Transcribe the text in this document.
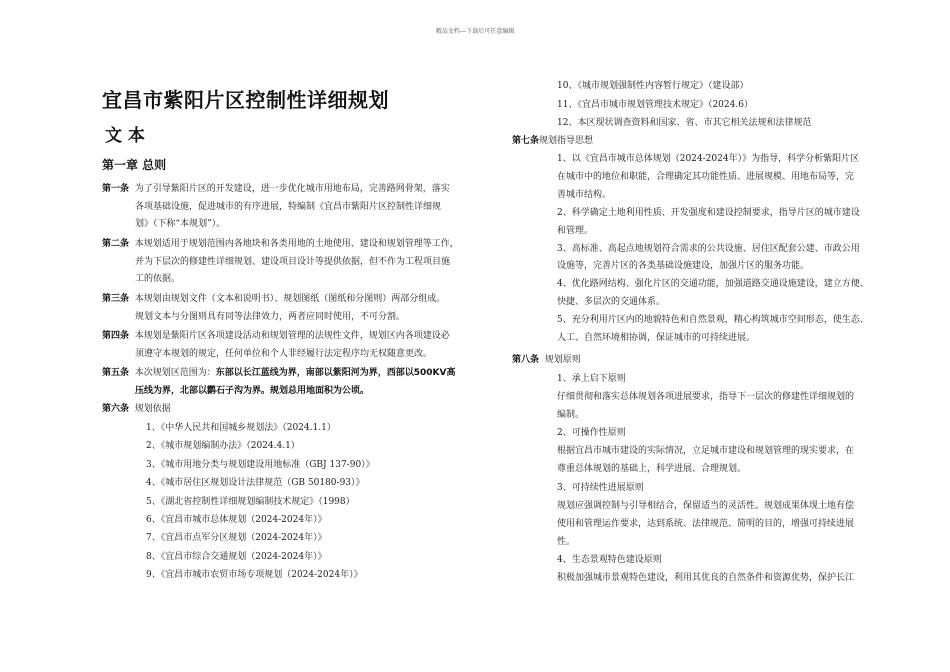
精品文档---下载后可任意编辑
宜昌市紫阳片区控制性详细规划
文 本
第一章 总则
第一条 为了引导紫阳片区的开发建设，进一步优化城市用地布局，完善路网骨架，落实
各项基础设施，促进城市的有序进展，特编制《宜昌市紫阳片区控制性详细规
划》（下称“本规划”）。
第二条 本规划适用于规划范围内各地块和各类用地的土地使用、建设和规划管理等工作，
并为下层次的修建性详细规划、建设项目设计等提供依据，但不作为工程项目施
工的依据。
第三条 本规划由规划文件（文本和说明书）、规划图纸（图纸和分图则）两部分组成。
规划文本与分图则具有同等法律效力，两者应同时使用，不可分割。
第四条 本规划是紫阳片区各项建设活动和规划管理的法规性文件，规划区内各项建设必
须遵守本规划的规定，任何单位和个人非经履行法定程序均无权随意更改。
第五条 本次规划区范围为：东部以长江蓝线为界，南部以紫阳河为界，西部以500KV高
压线为界，北部以鹳石子沟为界。规划总用地面积为公顷。
第六条 规划依据
1、《中华人民共和国城乡规划法》（2024.1.1）
2、《城市规划编制办法》（2024.4.1）
3、《城市用地分类与规划建设用地标准（GBJ 137-90）》
4、《城市居住区规划设计法律规范（GB 50180-93）》
5、《湖北省控制性详细规划编制技术规定》（1998）
6、《宜昌市城市总体规划（2024-2024年）》
7、《宜昌市点军分区规划（2024-2024年）》
8、《宜昌市综合交通规划（2024-2024年）》
9、《宜昌市城市农贸市场专项规划（2024-2024年）》
10、《城市规划强制性内容暂行规定》（建设部）
11、《宜昌市城市规划管理技术规定》（2024.6）
12、本区现状调查资料和国家、省、市其它相关法规和法律规范
第七条规划指导思想
1、以《宜昌市城市总体规划（2024-2024年）》为指导，科学分析紫阳片区
在城市中的地位和职能，合理确定其功能性质、进展规模、用地布局等，完
善城市结构。
2、科学确定土地利用性质、开发强度和建设控制要求，指导片区的城市建设
和管理。
3、高标准、高起点地规划符合需求的公共设施、居住区配套公建、市政公用
设施等，完善片区的各类基础设施建设，加强片区的服务功能。
4、优化路网结构、强化片区的交通功能，加强道路交通设施建设，建立方便、
快捷、多层次的交通体系。
5、充分利用片区内的地貌特色和自然景观，精心构筑城市空间形态，使生态、
人工、自然环境相协调，保证城市的可持续进展。
第八条 规划原则
1、承上启下原则
仔细贯彻和落实总体规划各项进展要求，指导下一层次的修建性详细规划的
编制。
2、可操作性原则
根据宜昌市城市建设的实际情况，立足城市建设和规划管理的现实要求，在
尊重总体规划的基础上，科学进展、合理规划。
3、可持续性进展原则
规划应强调控制与引导相结合，保留适当的灵活性。规划成果体现土地有偿
使用和管理运作要求，达到系统、法律规范、简明的目的，增强可持续进展
性。
4、生态景观特色建设原则
积极加强城市景观特色建设，利用其优良的自然条件和资源优势，保护长江
